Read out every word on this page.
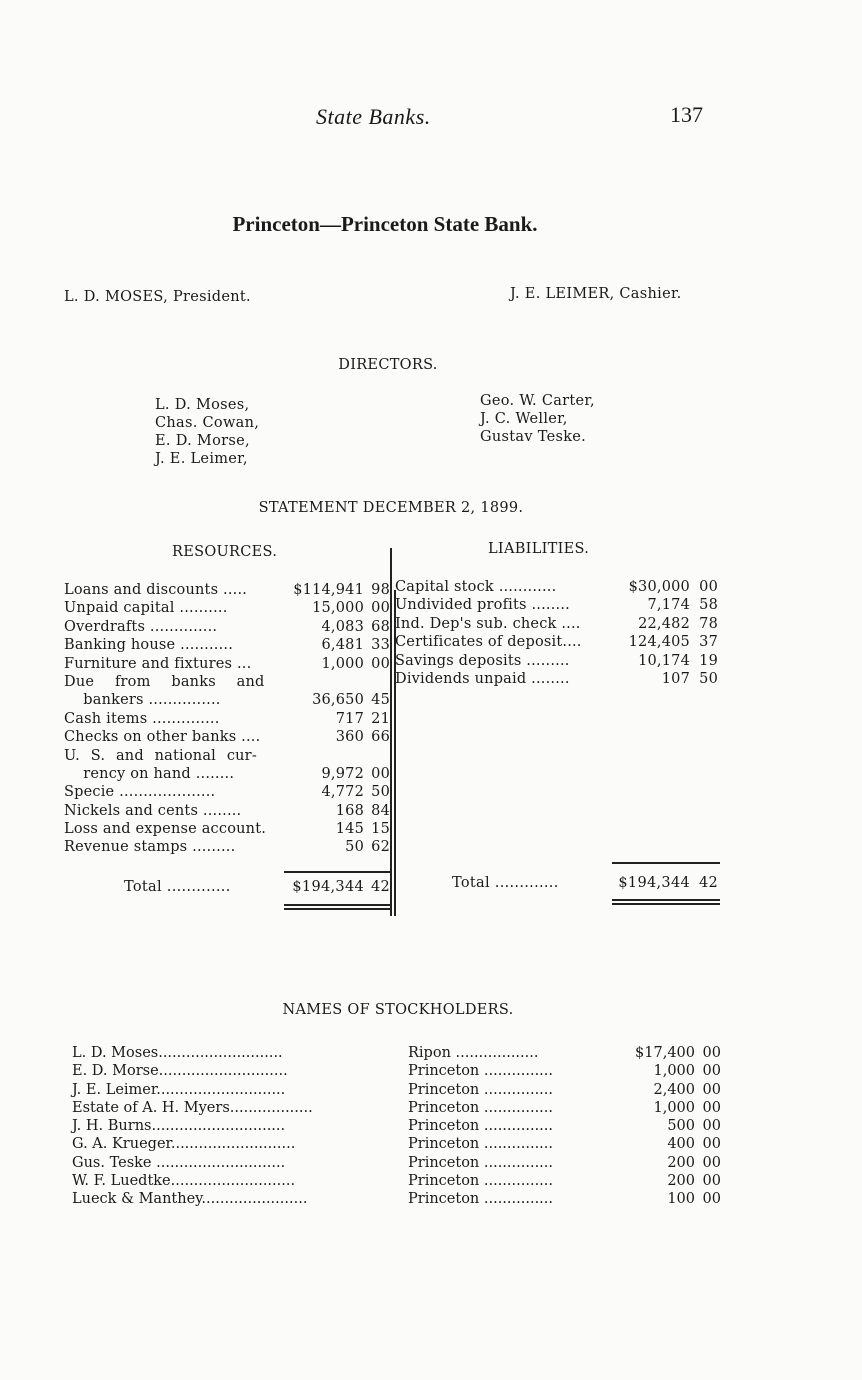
State Banks.	137
Princeton—Princeton State Bank.
L. D. MOSES, President.	J. E. LEIMER, Cashier.
DIRECTORS.
L. D. Moses,
Chas. Cowan,
E. D. Morse,
J. E. Leimer,
Geo. W. Carter,
J. C. Weller,
Gustav Teske.
STATEMENT DECEMBER 2, 1899.
RESOURCES.	LIABILITIES.
Loans and discounts .....	$114,941 98
Unpaid capital ..........	15,000 00
Overdrafts ..............	4,083 68
Banking house ...........	6,481 33
Furniture and fixtures ...	1,000 00
Due from banks and
bankers ...............	36,650 45
Cash items ..............	717 21
Checks on other banks ....	360 66
U. S. and national cur-
rency on hand ........	9,972 00
Specie ....................	4,772 50
Nickels and cents ........	168 84
Loss and expense account.	145 15
Revenue stamps .........	50 62
Capital stock ............	$30,000 00
Undivided profits ........	7,174 58
Ind. Dep's sub. check ....	22,482 78
Certificates of deposit....	124,405 37
Savings deposits .........	10,174 19
Dividends unpaid ........	107 50
Total .............	$194,344 42	Total .............	$194,344 42
NAMES OF STOCKHOLDERS.
L. D. Moses...........................	Ripon ..................	$17,400 00
E. D. Morse............................	Princeton ...............	1,000 00
J. E. Leimer............................	Princeton ...............	2,400 00
Estate of A. H. Myers..................	Princeton ...............	1,000 00
J. H. Burns.............................	Princeton ...............	500 00
G. A. Krueger...........................	Princeton ...............	400 00
Gus. Teske ............................	Princeton ...............	200 00
W. F. Luedtke...........................	Princeton ...............	200 00
Lueck & Manthey.......................	Princeton ...............	100 00
